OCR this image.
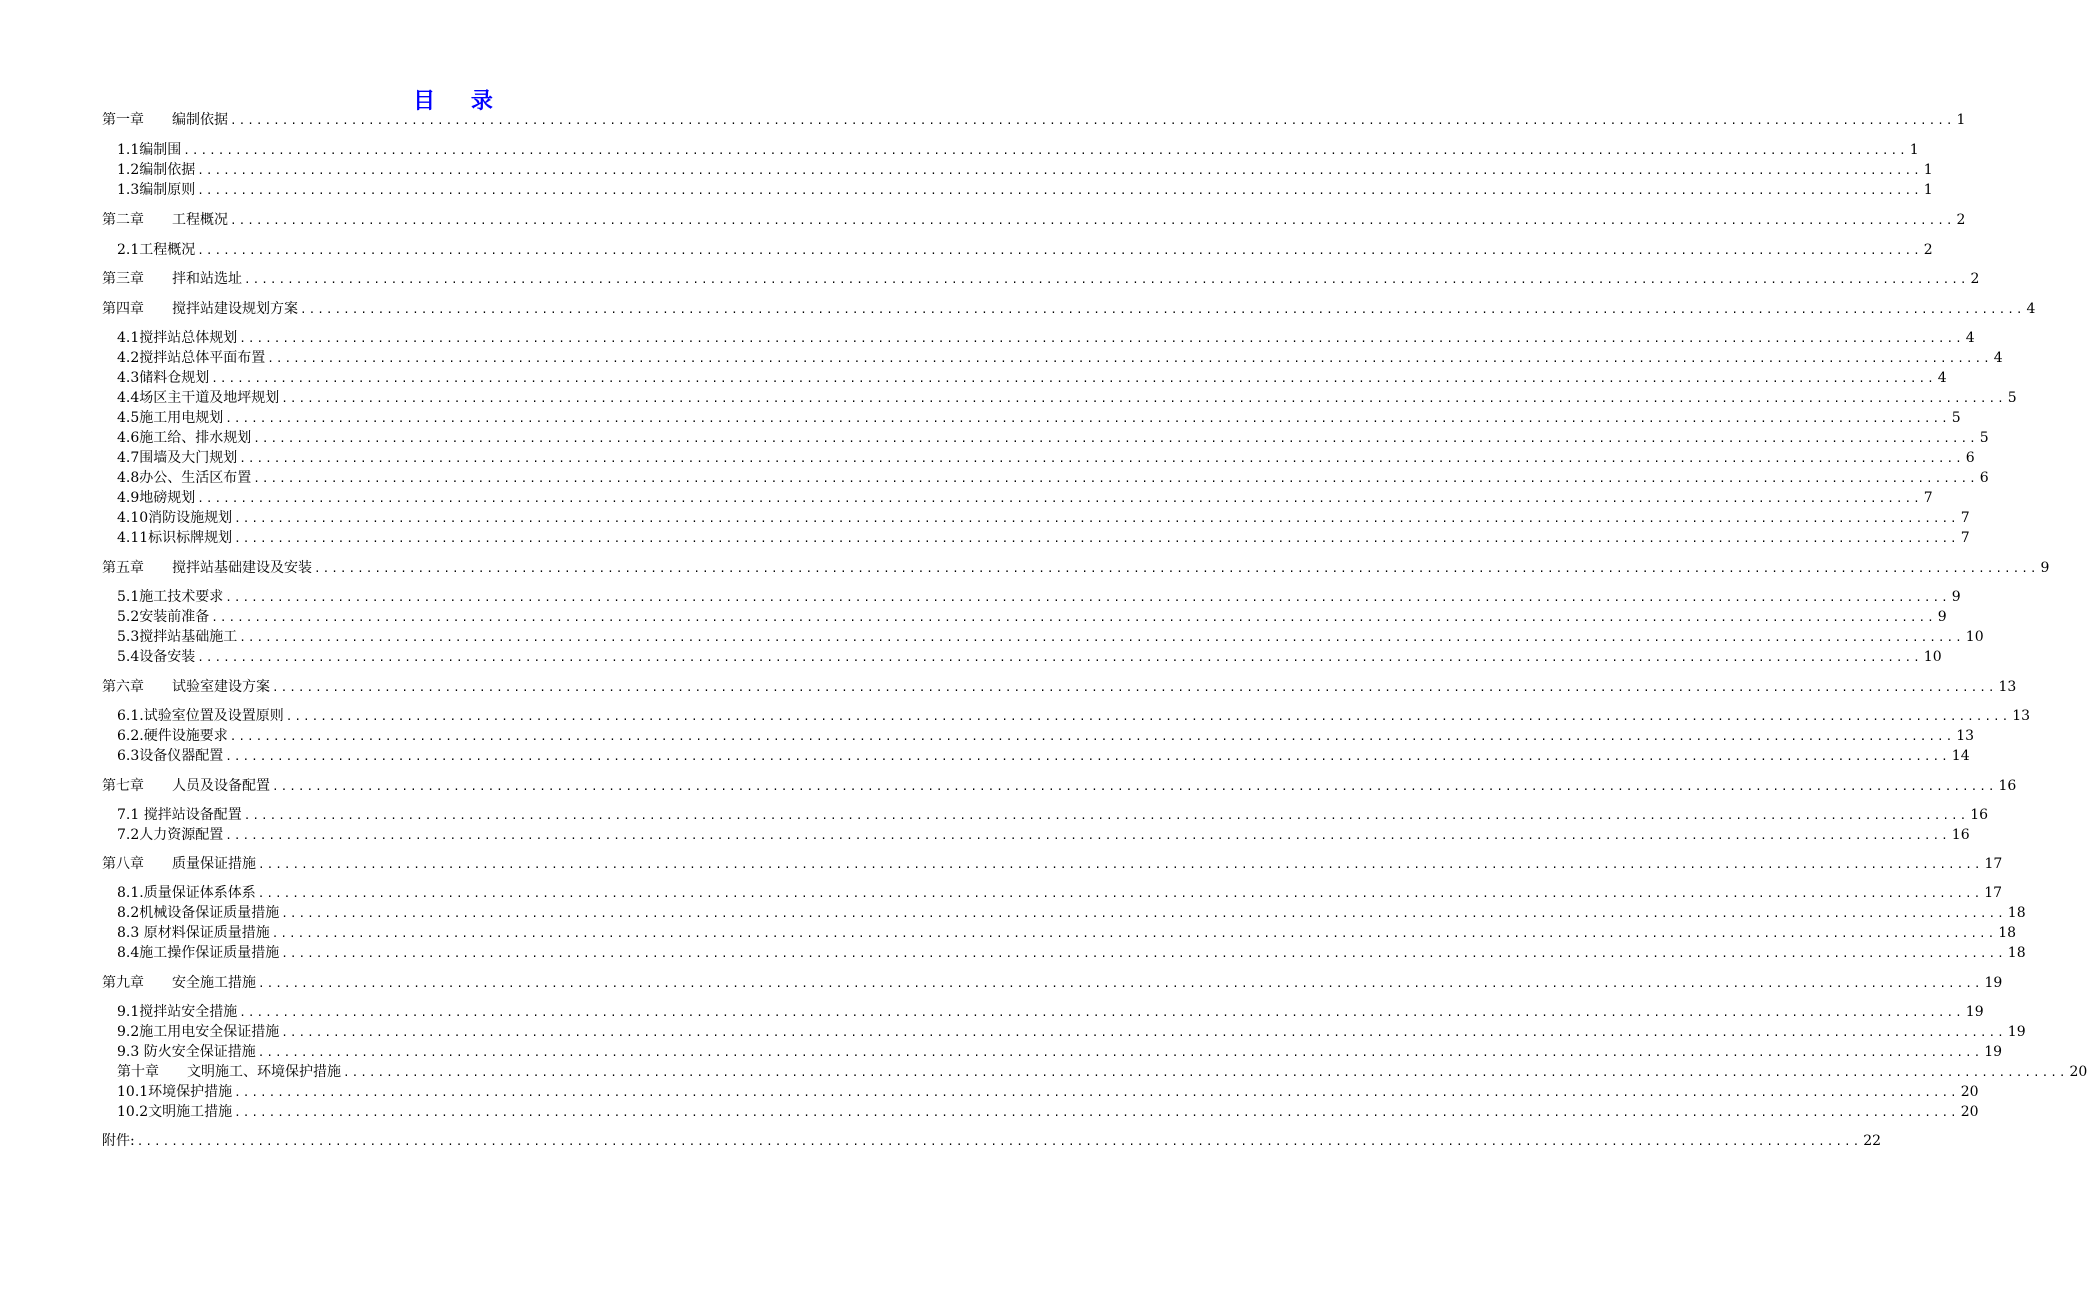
目 录
第一章　　编制依据 ........................................................................................................................................................................................................ 1
1.1编制围 ........................................................................................................................................................................................................ 1
1.2编制依据 ........................................................................................................................................................................................................ 1
1.3编制原则 ........................................................................................................................................................................................................ 1
第二章　　工程概况 ........................................................................................................................................................................................................ 2
2.1工程概况 ........................................................................................................................................................................................................ 2
第三章　　拌和站选址 ........................................................................................................................................................................................................ 2
第四章　　搅拌站建设规划方案 ........................................................................................................................................................................................................ 4
4.1搅拌站总体规划 ........................................................................................................................................................................................................ 4
4.2搅拌站总体平面布置 ........................................................................................................................................................................................................ 4
4.3储料仓规划 ........................................................................................................................................................................................................ 4
4.4场区主干道及地坪规划 ........................................................................................................................................................................................................ 5
4.5施工用电规划 ........................................................................................................................................................................................................ 5
4.6施工给、排水规划 ........................................................................................................................................................................................................ 5
4.7围墙及大门规划 ........................................................................................................................................................................................................ 6
4.8办公、生活区布置 ........................................................................................................................................................................................................ 6
4.9地磅规划 ........................................................................................................................................................................................................ 7
4.10消防设施规划 ........................................................................................................................................................................................................ 7
4.11标识标牌规划 ........................................................................................................................................................................................................ 7
第五章　　搅拌站基础建设及安装 ........................................................................................................................................................................................................ 9
5.1施工技术要求 ........................................................................................................................................................................................................ 9
5.2安装前准备 ........................................................................................................................................................................................................ 9
5.3搅拌站基础施工 ........................................................................................................................................................................................................ 10
5.4设备安装 ........................................................................................................................................................................................................ 10
第六章　　试验室建设方案 ........................................................................................................................................................................................................ 13
6.1.试验室位置及设置原则 ........................................................................................................................................................................................................ 13
6.2.硬件设施要求 ........................................................................................................................................................................................................ 13
6.3设备仪器配置 ........................................................................................................................................................................................................ 14
第七章　　人员及设备配置 ........................................................................................................................................................................................................ 16
7.1 搅拌站设备配置 ........................................................................................................................................................................................................ 16
7.2人力资源配置 ........................................................................................................................................................................................................ 16
第八章　　质量保证措施 ........................................................................................................................................................................................................ 17
8.1.质量保证体系体系 ........................................................................................................................................................................................................ 17
8.2机械设备保证质量措施 ........................................................................................................................................................................................................ 18
8.3 原材料保证质量措施 ........................................................................................................................................................................................................ 18
8.4施工操作保证质量措施 ........................................................................................................................................................................................................ 18
第九章　　安全施工措施 ........................................................................................................................................................................................................ 19
9.1搅拌站安全措施 ........................................................................................................................................................................................................ 19
9.2施工用电安全保证措施 ........................................................................................................................................................................................................ 19
9.3 防火安全保证措施 ........................................................................................................................................................................................................ 19
第十章　　文明施工、环境保护措施 ........................................................................................................................................................................................................ 20
10.1环境保护措施 ........................................................................................................................................................................................................ 20
10.2文明施工措施 ........................................................................................................................................................................................................ 20
附件: ........................................................................................................................................................................................................ 22
